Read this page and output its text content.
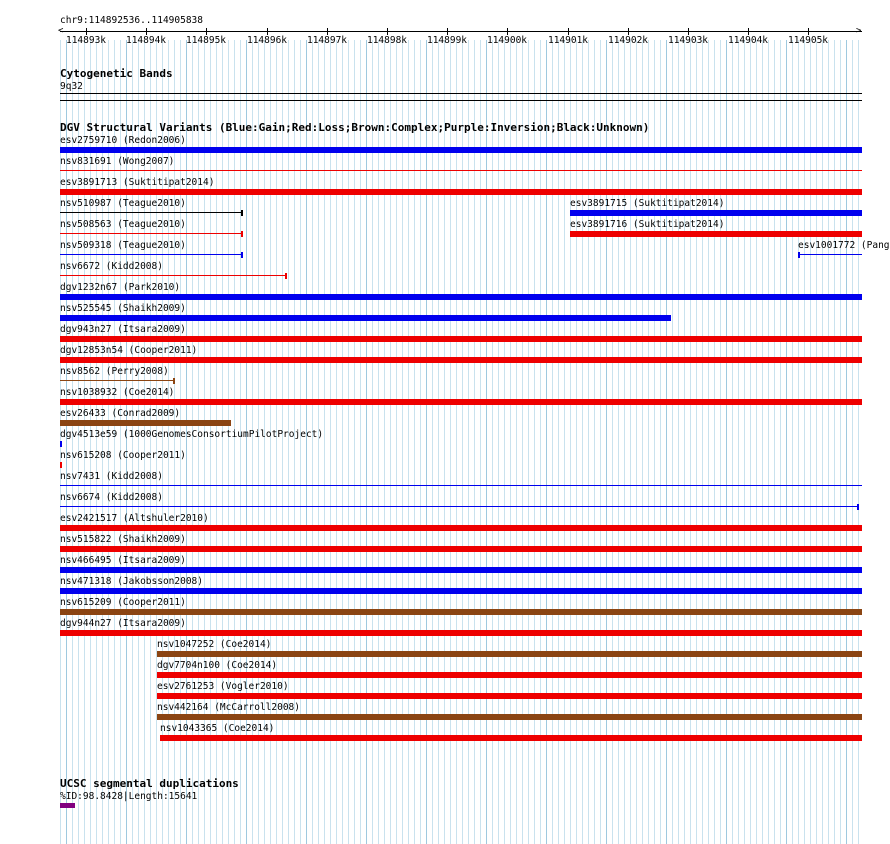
chr9:114892536..114905838
<	>
114893k 114894k 114895k 114896k 114897k 114898k 114899k 114900k 114901k 114902k 114903k 114904k 114905k
Cytogenetic Bands
9q32
DGV Structural Variants (Blue:Gain;Red:Loss;Brown:Complex;Purple:Inversion;Black:Unknown)
esv2759710 (Redon2006)
nsv831691 (Wong2007)
esv3891713 (Suktitipat2014)
nsv510987 (Teague2010)	esv3891715 (Suktitipat2014)
nsv508563 (Teague2010)	esv3891716 (Suktitipat2014)
nsv509318 (Teague2010)	esv1001772 (Pang
nsv6672 (Kidd2008)
dgv1232n67 (Park2010)
nsv525545 (Shaikh2009)
dgv943n27 (Itsara2009)
dgv12853n54 (Cooper2011)
nsv8562 (Perry2008)
nsv1038932 (Coe2014)
esv26433 (Conrad2009)
dgv4513e59 (1000GenomesConsortiumPilotProject)
nsv615208 (Cooper2011)
nsv7431 (Kidd2008)
nsv6674 (Kidd2008)
esv2421517 (Altshuler2010)
nsv515822 (Shaikh2009)
nsv466495 (Itsara2009)
nsv471318 (Jakobsson2008)
nsv615209 (Cooper2011)
dgv944n27 (Itsara2009)
nsv1047252 (Coe2014)
dgv7704n100 (Coe2014)
esv2761253 (Vogler2010)
nsv442164 (McCarroll2008)
nsv1043365 (Coe2014)
UCSC segmental duplications
%ID:98.8428|Length:15641
